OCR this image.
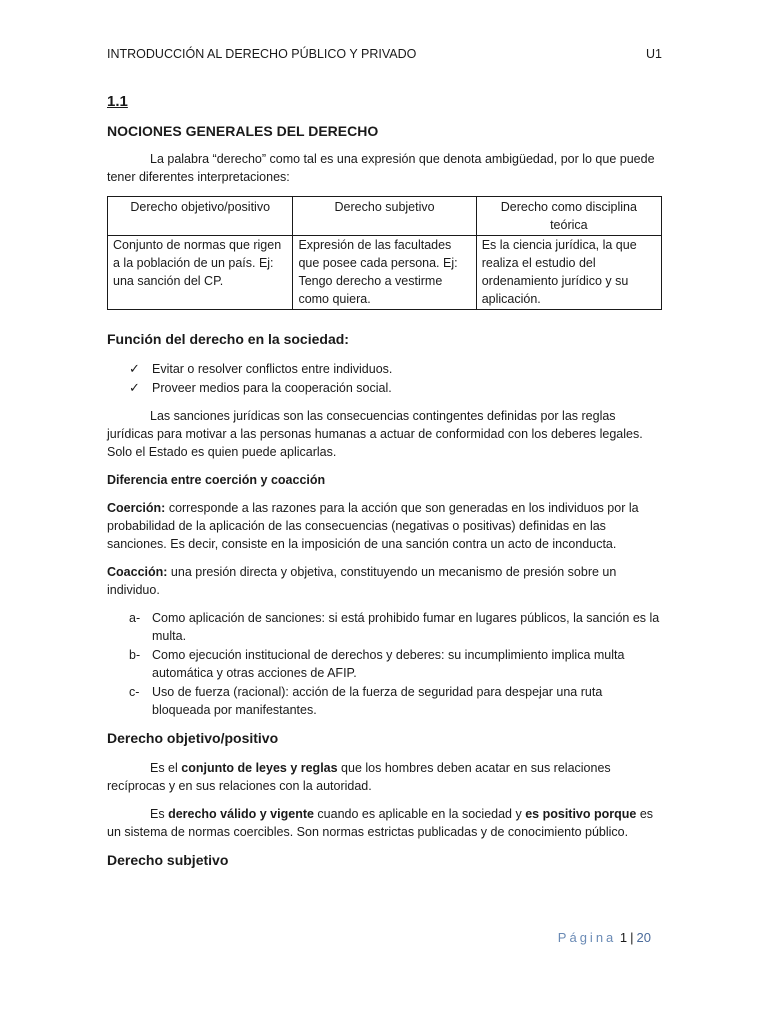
INTRODUCCIÓN AL DERECHO PÚBLICO Y PRIVADO	U1
1.1
NOCIONES GENERALES DEL DERECHO

La palabra “derecho” como tal es una expresión que denota ambigüedad, por lo que puede tener diferentes interpretaciones:

Derecho objetivo/positivo	Derecho subjetivo	Derecho como disciplina teórica
Conjunto de normas que rigen a la población de un país. Ej: una sanción del CP.	Expresión de las facultades que posee cada persona. Ej: Tengo derecho a vestirme como quiera.	Es la ciencia jurídica, la que realiza el estudio del ordenamiento jurídico y su aplicación.
Función del derecho en la sociedad:
✓ Evitar o resolver conflictos entre individuos.
✓ Proveer medios para la cooperación social.

Las sanciones jurídicas son las consecuencias contingentes definidas por las reglas jurídicas para motivar a las personas humanas a actuar de conformidad con los deberes legales. Solo el Estado es quien puede aplicarlas.

Diferencia entre coerción y coacción

Coerción: corresponde a las razones para la acción que son generadas en los individuos por la probabilidad de la aplicación de las consecuencias (negativas o positivas) definidas en las sanciones. Es decir, consiste en la imposición de una sanción contra un acto de inconducta.

Coacción: una presión directa y objetiva, constituyendo un mecanismo de presión sobre un individuo.

a- Como aplicación de sanciones: si está prohibido fumar en lugares públicos, la sanción es la multa.
b- Como ejecución institucional de derechos y deberes: su incumplimiento implica multa automática y otras acciones de AFIP.
c- Uso de fuerza (racional): acción de la fuerza de seguridad para despejar una ruta bloqueada por manifestantes.
Derecho objetivo/positivo

Es el conjunto de leyes y reglas que los hombres deben acatar en sus relaciones recíprocas y en sus relaciones con la autoridad.

Es derecho válido y vigente cuando es aplicable en la sociedad y es positivo porque es un sistema de normas coercibles. Son normas estrictas publicadas y de conocimiento público.

Derecho subjetivo
Página 1 | 20
